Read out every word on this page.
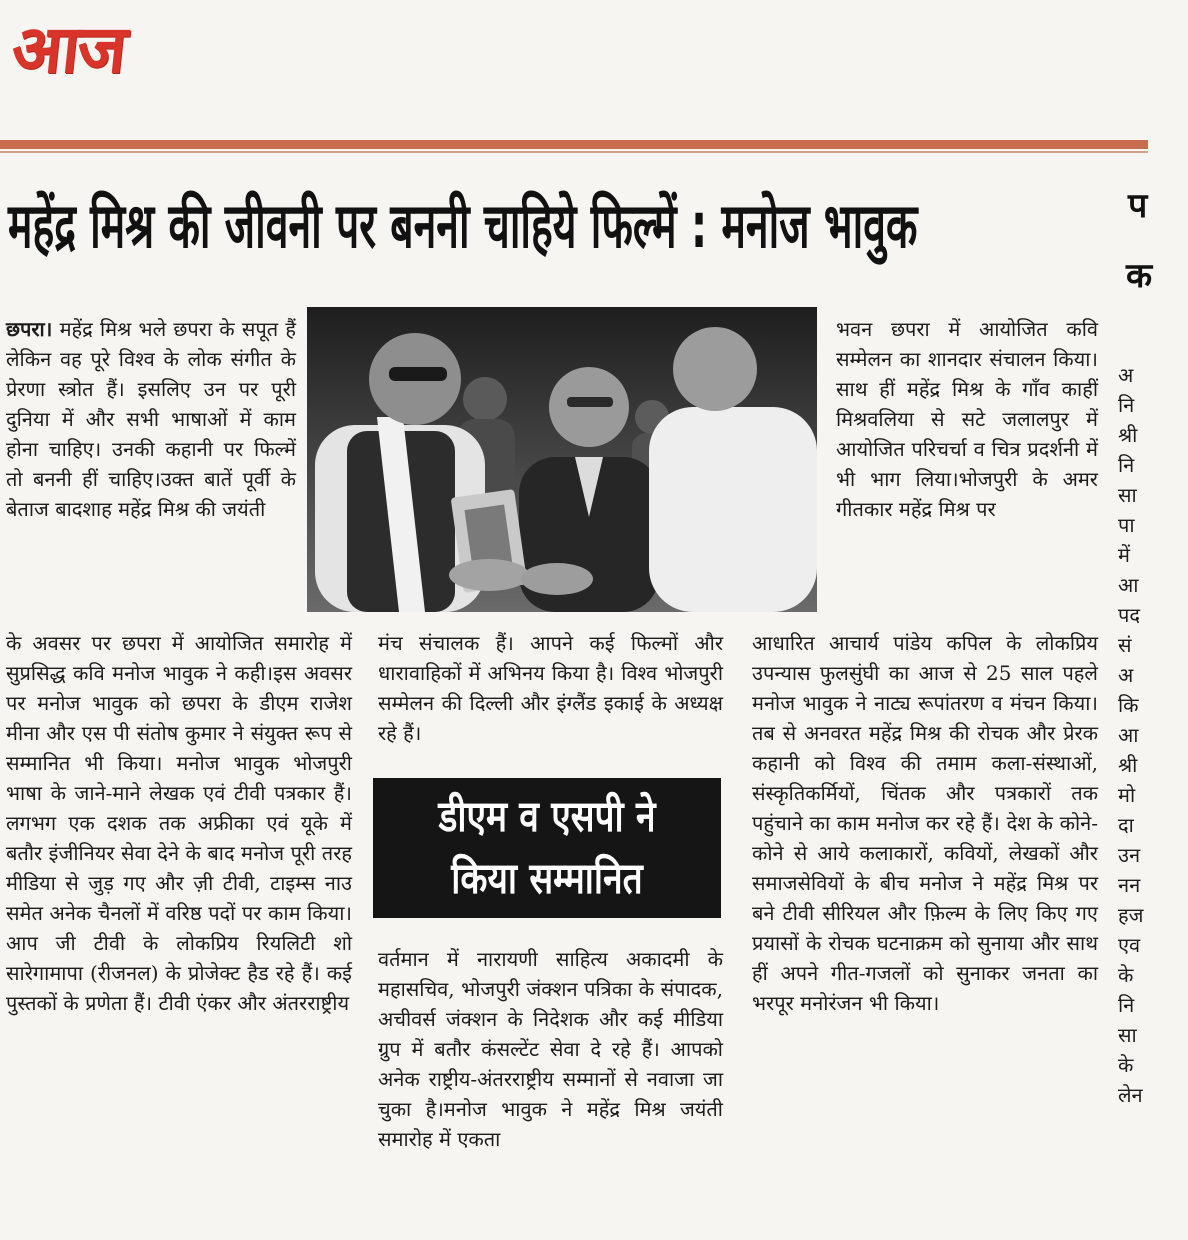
आज
महेंद्र मिश्र की जीवनी पर बननी चाहिये फिल्में : मनोज भावुक	प
क

छपरा। महेंद्र मिश्र भले छपरा के सपूत हैं लेकिन वह पूरे विश्व के लोक संगीत के प्रेरणा स्त्रोत हैं। इसलिए उन पर पूरी दुनिया में और सभी भाषाओं में काम होना चाहिए। उनकी कहानी पर फिल्में तो बननी हीं चाहिए।उक्त बातें पूर्वी के बेताज बादशाह महेंद्र मिश्र की जयंती

भवन छपरा में आयोजित कवि सम्मेलन का शानदार संचालन किया। साथ हीं महेंद्र मिश्र के गाँव काहीं मिश्रवलिया से सटे जलालपुर में आयोजित परिचर्चा व चित्र प्रदर्शनी में भी भाग लिया।भोजपुरी के अमर गीतकार महेंद्र मिश्र पर

के अवसर पर छपरा में आयोजित समारोह में सुप्रसिद्ध कवि मनोज भावुक ने कही।इस अवसर पर मनोज भावुक को छपरा के डीएम राजेश मीना और एस पी संतोष कुमार ने संयुक्त रूप से सम्मानित भी किया। मनोज भावुक भोजपुरी भाषा के जाने-माने लेखक एवं टीवी पत्रकार हैं। लगभग एक दशक तक अफ्रीका एवं यूके में बतौर इंजीनियर सेवा देने के बाद मनोज पूरी तरह मीडिया से जुड़ गए और ज़ी टीवी, टाइम्स नाउ समेत अनेक चैनलों में वरिष्ठ पदों पर काम किया। आप जी टीवी के लोकप्रिय रियलिटी शो सारेगामापा (रीजनल) के प्रोजेक्ट हैड रहे हैं। कई पुस्तकों के प्रणेता हैं। टीवी एंकर और अंतरराष्ट्रीय

मंच संचालक हैं। आपने कई फिल्मों और धारावाहिकों में अभिनय किया है। विश्व भोजपुरी सम्मेलन की दिल्ली और इंग्लैंड इकाई के अध्यक्ष रहे हैं।

डीएम व एसपी ने
किया सम्मानित

वर्तमान में नारायणी साहित्य अकादमी के महासचिव, भोजपुरी जंक्शन पत्रिका के संपादक, अचीवर्स जंक्शन के निदेशक और कई मीडिया ग्रुप में बतौर कंसल्टेंट सेवा दे रहे हैं। आपको अनेक राष्ट्रीय-अंतरराष्ट्रीय सम्मानों से नवाजा जा चुका है।मनोज भावुक ने महेंद्र मिश्र जयंती समारोह में एकता

आधारित आचार्य पांडेय कपिल के लोकप्रिय उपन्यास फुलसुंघी का आज से 25 साल पहले मनोज भावुक ने नाट्य रूपांतरण व मंचन किया। तब से अनवरत महेंद्र मिश्र की रोचक और प्रेरक कहानी को विश्व की तमाम कला-संस्थाओं, संस्कृतिकर्मियों, चिंतक और पत्रकारों तक पहुंचाने का काम मनोज कर रहे हैं। देश के कोने-कोने से आये कलाकारों, कवियों, लेखकों और समाजसेवियों के बीच मनोज ने महेंद्र मिश्र पर बने टीवी सीरियल और फ़िल्म के लिए किए गए प्रयासों के रोचक घटनाक्रम को सुनाया और साथ हीं अपने गीत-गजलों को सुनाकर जनता का भरपूर मनोरंजन भी किया।

अ
नि
श्री
नि
सा
पा
में
आ
पद
सं
अ
कि
आ
श्री
मो
दा
उन
नन
हज
एव
के
नि
सा
के
लेन
